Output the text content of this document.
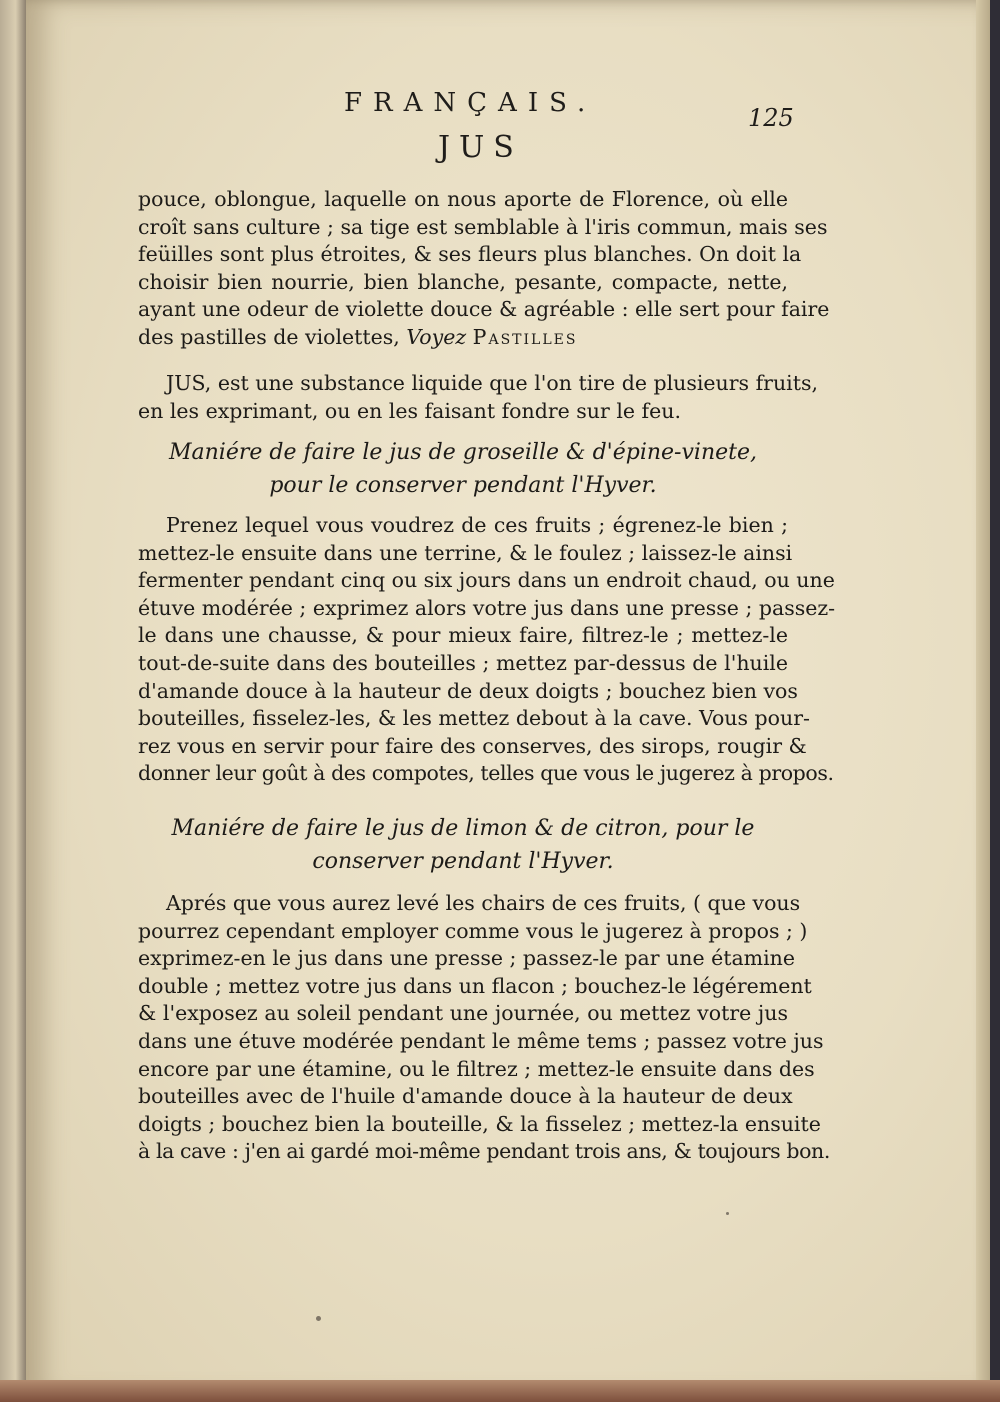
FRANÇAIS.	125
JUS
pouce, oblongue, laquelle on nous aporte de Florence, où elle
croît sans culture ; sa tige est semblable à l'iris commun, mais ses
feüilles sont plus étroites, & ses fleurs plus blanches. On doit la
choisir bien nourrie, bien blanche, pesante, compacte, nette,
ayant une odeur de violette douce & agréable : elle sert pour faire
des pastilles de violettes, Voyez Pastilles
JUS, est une substance liquide que l'on tire de plusieurs fruits,
en les exprimant, ou en les faisant fondre sur le feu.
Maniére de faire le jus de groseille & d'épine-vinete,
pour le conserver pendant l'Hyver.
Prenez lequel vous voudrez de ces fruits ; égrenez-le bien ;
mettez-le ensuite dans une terrine, & le foulez ; laissez-le ainsi
fermenter pendant cinq ou six jours dans un endroit chaud, ou une
étuve modérée ; exprimez alors votre jus dans une presse ; passez-
le dans une chausse, & pour mieux faire, filtrez-le ; mettez-le
tout-de-suite dans des bouteilles ; mettez par-dessus de l'huile
d'amande douce à la hauteur de deux doigts ; bouchez bien vos
bouteilles, fisselez-les, & les mettez debout à la cave. Vous pour-
rez vous en servir pour faire des conserves, des sirops, rougir &
donner leur goût à des compotes, telles que vous le jugerez à propos.
Maniére de faire le jus de limon & de citron, pour le
conserver pendant l'Hyver.
Aprés que vous aurez levé les chairs de ces fruits, ( que vous
pourrez cependant employer comme vous le jugerez à propos ; )
exprimez-en le jus dans une presse ; passez-le par une étamine
double ; mettez votre jus dans un flacon ; bouchez-le légérement
& l'exposez au soleil pendant une journée, ou mettez votre jus
dans une étuve modérée pendant le même tems ; passez votre jus
encore par une étamine, ou le filtrez ; mettez-le ensuite dans des
bouteilles avec de l'huile d'amande douce à la hauteur de deux
doigts ; bouchez bien la bouteille, & la fisselez ; mettez-la ensuite
à la cave : j'en ai gardé moi-même pendant trois ans, & toujours bon.
